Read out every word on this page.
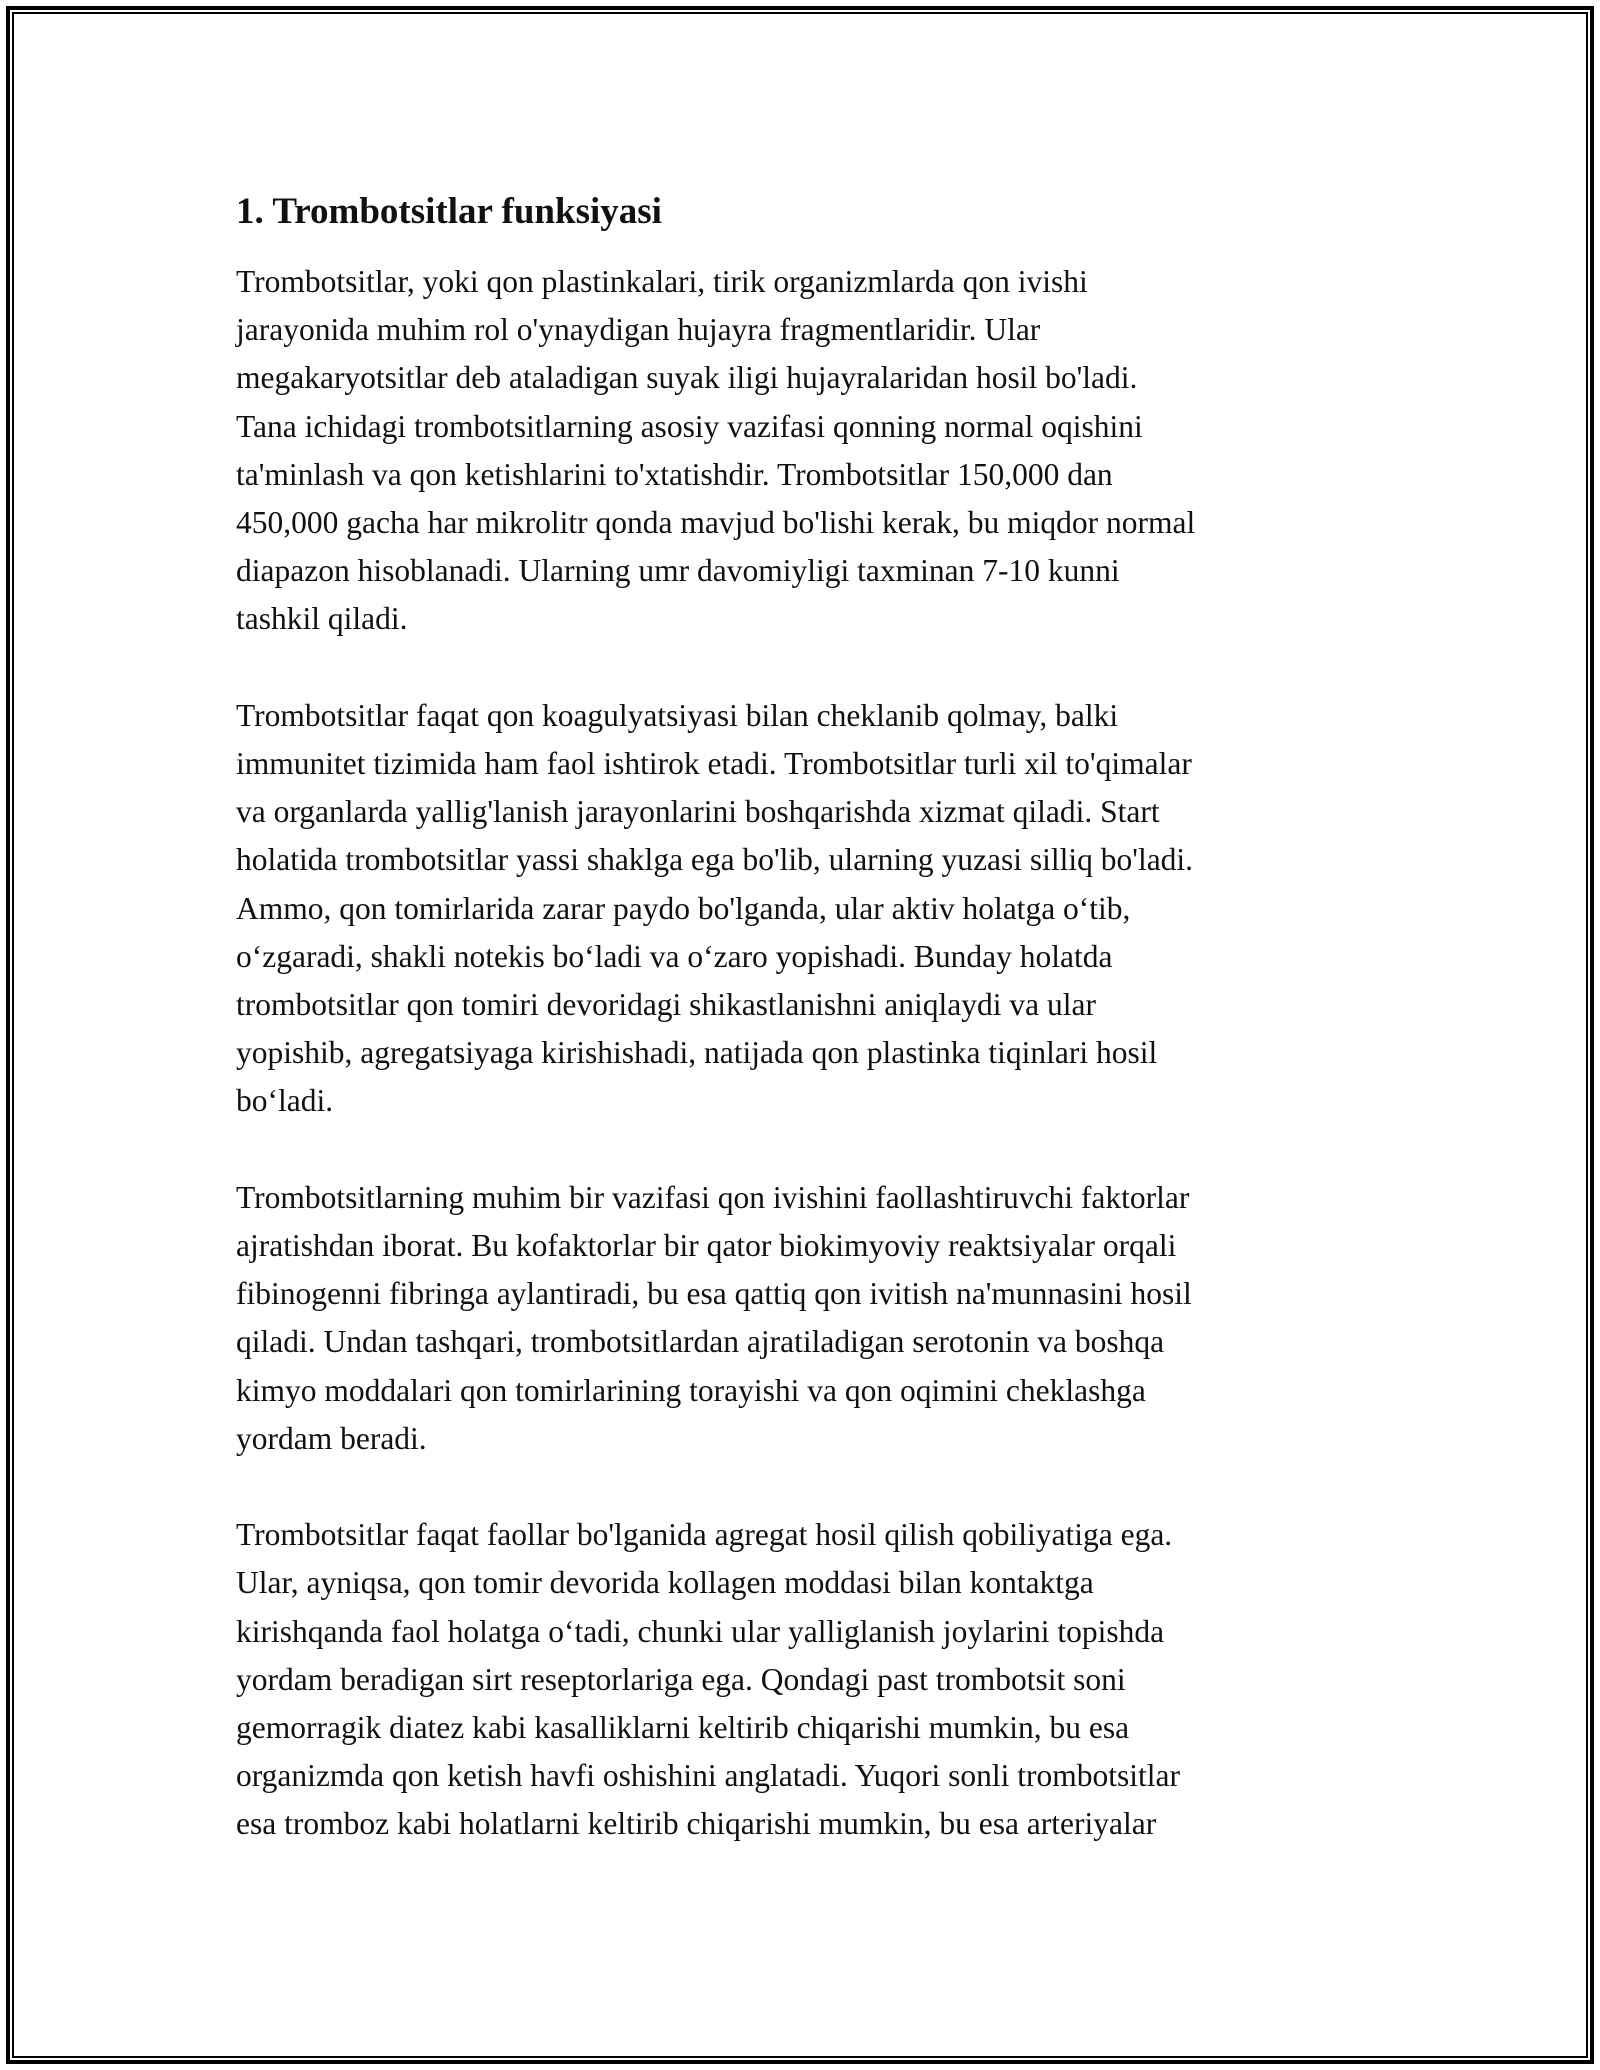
1. Trombotsitlar funksiyasi

Trombotsitlar, yoki qon plastinkalari, tirik organizmlarda qon ivishi
jarayonida muhim rol o'ynaydigan hujayra fragmentlaridir. Ular
megakaryotsitlar deb ataladigan suyak iligi hujayralaridan hosil bo'ladi.
Tana ichidagi trombotsitlarning asosiy vazifasi qonning normal oqishini
ta'minlash va qon ketishlarini to'xtatishdir. Trombotsitlar 150,000 dan
450,000 gacha har mikrolitr qonda mavjud bo'lishi kerak, bu miqdor normal
diapazon hisoblanadi. Ularning umr davomiyligi taxminan 7-10 kunni
tashkil qiladi.

Trombotsitlar faqat qon koagulyatsiyasi bilan cheklanib qolmay, balki
immunitet tizimida ham faol ishtirok etadi. Trombotsitlar turli xil to'qimalar
va organlarda yallig'lanish jarayonlarini boshqarishda xizmat qiladi. Start
holatida trombotsitlar yassi shaklga ega bo'lib, ularning yuzasi silliq bo'ladi.
Ammo, qon tomirlarida zarar paydo bo'lganda, ular aktiv holatga o‘tib,
o‘zgaradi, shakli notekis bo‘ladi va o‘zaro yopishadi. Bunday holatda
trombotsitlar qon tomiri devoridagi shikastlanishni aniqlaydi va ular
yopishib, agregatsiyaga kirishishadi, natijada qon plastinka tiqinlari hosil
bo‘ladi.

Trombotsitlarning muhim bir vazifasi qon ivishini faollashtiruvchi faktorlar
ajratishdan iborat. Bu kofaktorlar bir qator biokimyoviy reaktsiyalar orqali
fibinogenni fibringa aylantiradi, bu esa qattiq qon ivitish na'munnasini hosil
qiladi. Undan tashqari, trombotsitlardan ajratiladigan serotonin va boshqa
kimyo moddalari qon tomirlarining torayishi va qon oqimini cheklashga
yordam beradi.

Trombotsitlar faqat faollar bo'lganida agregat hosil qilish qobiliyatiga ega.
Ular, ayniqsa, qon tomir devorida kollagen moddasi bilan kontaktga
kirishqanda faol holatga o‘tadi, chunki ular yalliglanish joylarini topishda
yordam beradigan sirt reseptorlariga ega. Qondagi past trombotsit soni
gemorragik diatez kabi kasalliklarni keltirib chiqarishi mumkin, bu esa
organizmda qon ketish havfi oshishini anglatadi. Yuqori sonli trombotsitlar
esa tromboz kabi holatlarni keltirib chiqarishi mumkin, bu esa arteriyalar
